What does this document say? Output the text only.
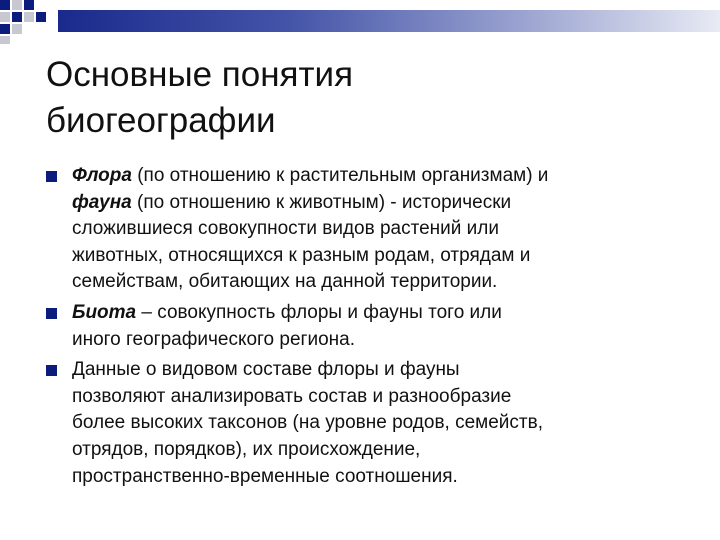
Основные понятия
биогеографии
Флора (по отношению к растительным организмам) и
фауна (по отношению к животным) - исторически
сложившиеся совокупности видов растений или
животных, относящихся к разным родам, отрядам и
семействам, обитающих на данной территории.
Биота – совокупность флоры и фауны того или
иного географического региона.
Данные о видовом составе флоры и фауны
позволяют анализировать состав и разнообразие
более высоких таксонов (на уровне родов, семейств,
отрядов, порядков), их происхождение,
пространственно-временные соотношения.
